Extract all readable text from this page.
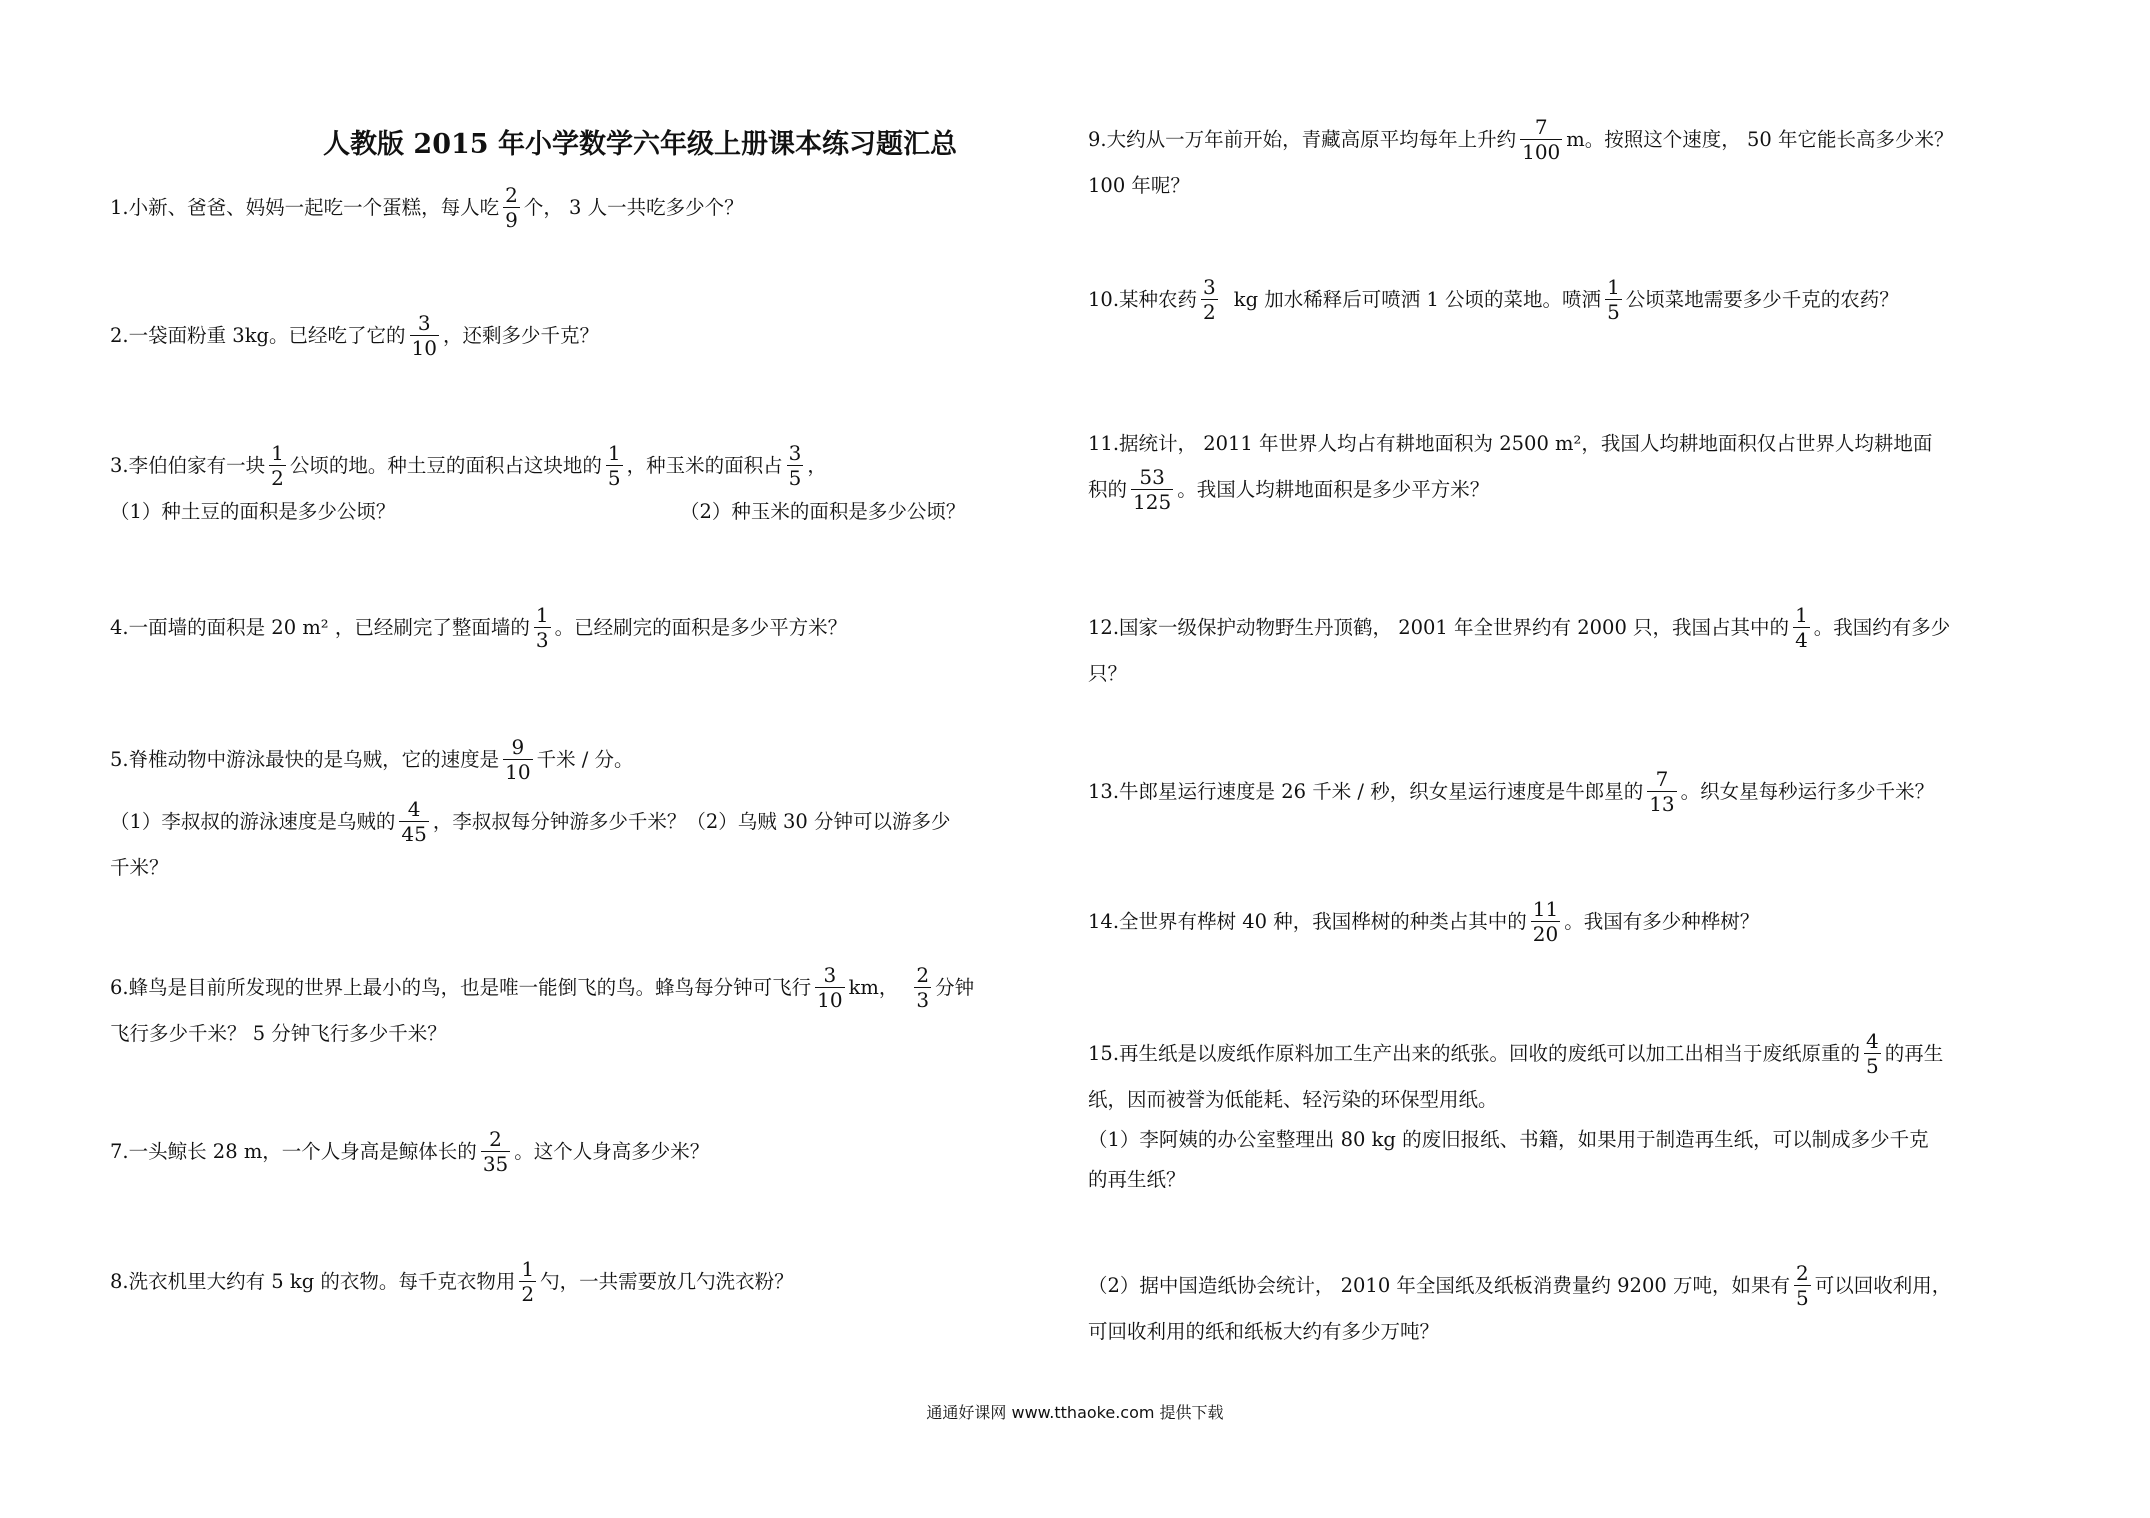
人教版 2015 年小学数学六年级上册课本练习题汇总
1.小新、爸爸、妈妈一起吃一个蛋糕，每人吃 $\frac{2}{9}$ 个， 3 人一共吃多少个？
2.一袋面粉重 3kg。已经吃了它的 $\frac{3}{10}$ ，还剩多少千克？
3.李伯伯家有一块 $\frac{1}{2}$ 公顷的地。种土豆的面积占这块地的 $\frac{1}{5}$ ，种玉米的面积占 $\frac{3}{5}$ ，
（1）种土豆的面积是多少公顷？	（2）种玉米的面积是多少公顷？
4.一面墙的面积是 20 m² ，已经刷完了整面墙的 $\frac{1}{3}$ 。已经刷完的面积是多少平方米？
5.脊椎动物中游泳最快的是乌贼，它的速度是 $\frac{9}{10}$ 千米 / 分。
（1）李叔叔的游泳速度是乌贼的 $\frac{4}{45}$ ，李叔叔每分钟游多少千米？（2）乌贼 30 分钟可以游多少
千米？
6.蜂鸟是目前所发现的世界上最小的鸟，也是唯一能倒飞的鸟。蜂鸟每分钟可飞行 $\frac{3}{10}$ km， $\frac{2}{3}$ 分钟
飞行多少千米？ 5 分钟飞行多少千米？
7.一头鲸长 28 m，一个人身高是鲸体长的 $\frac{2}{35}$ 。这个人身高多少米？
8.洗衣机里大约有 5 kg 的衣物。每千克衣物用 $\frac{1}{2}$ 勺，一共需要放几勺洗衣粉？
9.大约从一万年前开始，青藏高原平均每年上升约 $\frac{7}{100}$ m。按照这个速度， 50 年它能长高多少米？
100 年呢？
10.某种农药 $\frac{3}{2}$ kg 加水稀释后可喷洒 1 公顷的菜地。喷洒 $\frac{1}{5}$ 公顷菜地需要多少千克的农药？
11.据统计， 2011 年世界人均占有耕地面积为 2500 m²，我国人均耕地面积仅占世界人均耕地面
积的 $\frac{53}{125}$ 。我国人均耕地面积是多少平方米？
12.国家一级保护动物野生丹顶鹤， 2001 年全世界约有 2000 只，我国占其中的 $\frac{1}{4}$ 。我国约有多少
只？
13.牛郎星运行速度是 26 千米 / 秒，织女星运行速度是牛郎星的 $\frac{7}{13}$ 。织女星每秒运行多少千米？
14.全世界有桦树 40 种，我国桦树的种类占其中的 $\frac{11}{20}$ 。我国有多少种桦树？
15.再生纸是以废纸作原料加工生产出来的纸张。回收的废纸可以加工出相当于废纸原重的 $\frac{4}{5}$ 的再生
纸，因而被誉为低能耗、轻污染的环保型用纸。
（1）李阿姨的办公室整理出 80 kg 的废旧报纸、书籍，如果用于制造再生纸，可以制成多少千克
的再生纸？
（2）据中国造纸协会统计， 2010 年全国纸及纸板消费量约 9200 万吨，如果有 $\frac{2}{5}$ 可以回收利用，
可回收利用的纸和纸板大约有多少万吨？
通通好课网 www.tthaoke.com 提供下载
